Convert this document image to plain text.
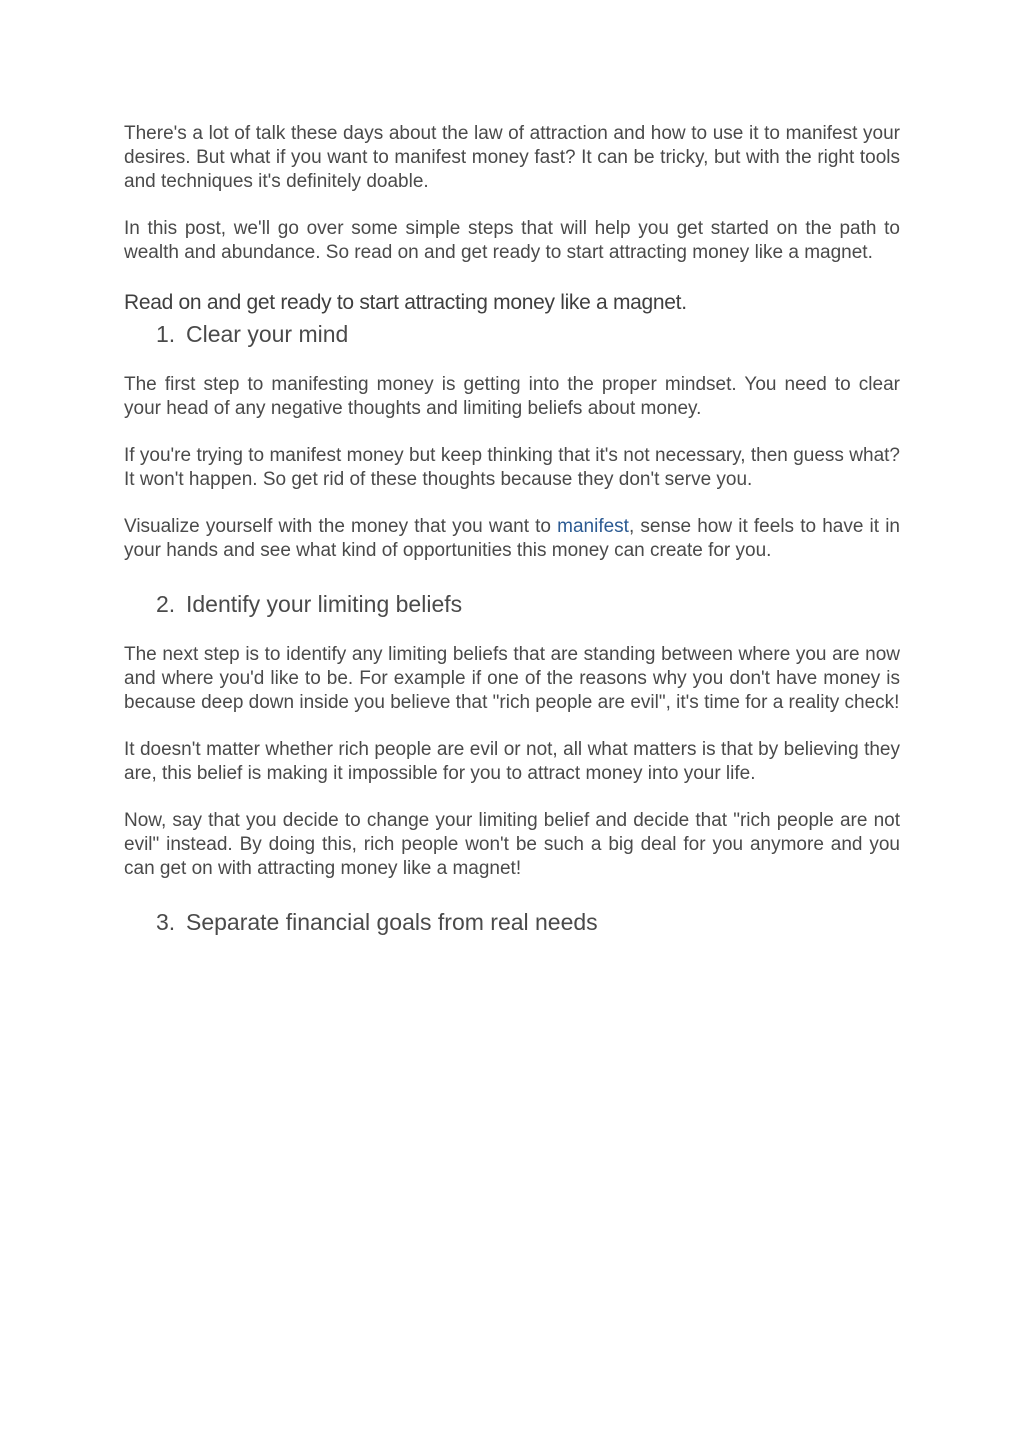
There's a lot of talk these days about the law of attraction and how to use it to manifest your desires. But what if you want to manifest money fast? It can be tricky, but with the right tools and techniques it's definitely doable.

In this post, we'll go over some simple steps that will help you get started on the path to wealth and abundance. So read on and get ready to start attracting money like a magnet.

Read on and get ready to start attracting money like a magnet.
1. Clear your mind

The first step to manifesting money is getting into the proper mindset. You need to clear your head of any negative thoughts and limiting beliefs about money.

If you're trying to manifest money but keep thinking that it's not necessary, then guess what? It won't happen. So get rid of these thoughts because they don't serve you.

Visualize yourself with the money that you want to manifest, sense how it feels to have it in your hands and see what kind of opportunities this money can create for you.

2. Identify your limiting beliefs

The next step is to identify any limiting beliefs that are standing between where you are now and where you'd like to be. For example if one of the reasons why you don't have money is because deep down inside you believe that "rich people are evil", it's time for a reality check!

It doesn't matter whether rich people are evil or not, all what matters is that by believing they are, this belief is making it impossible for you to attract money into your life.

Now, say that you decide to change your limiting belief and decide that "rich people are not evil" instead. By doing this, rich people won't be such a big deal for you anymore and you can get on with attracting money like a magnet!

3. Separate financial goals from real needs
